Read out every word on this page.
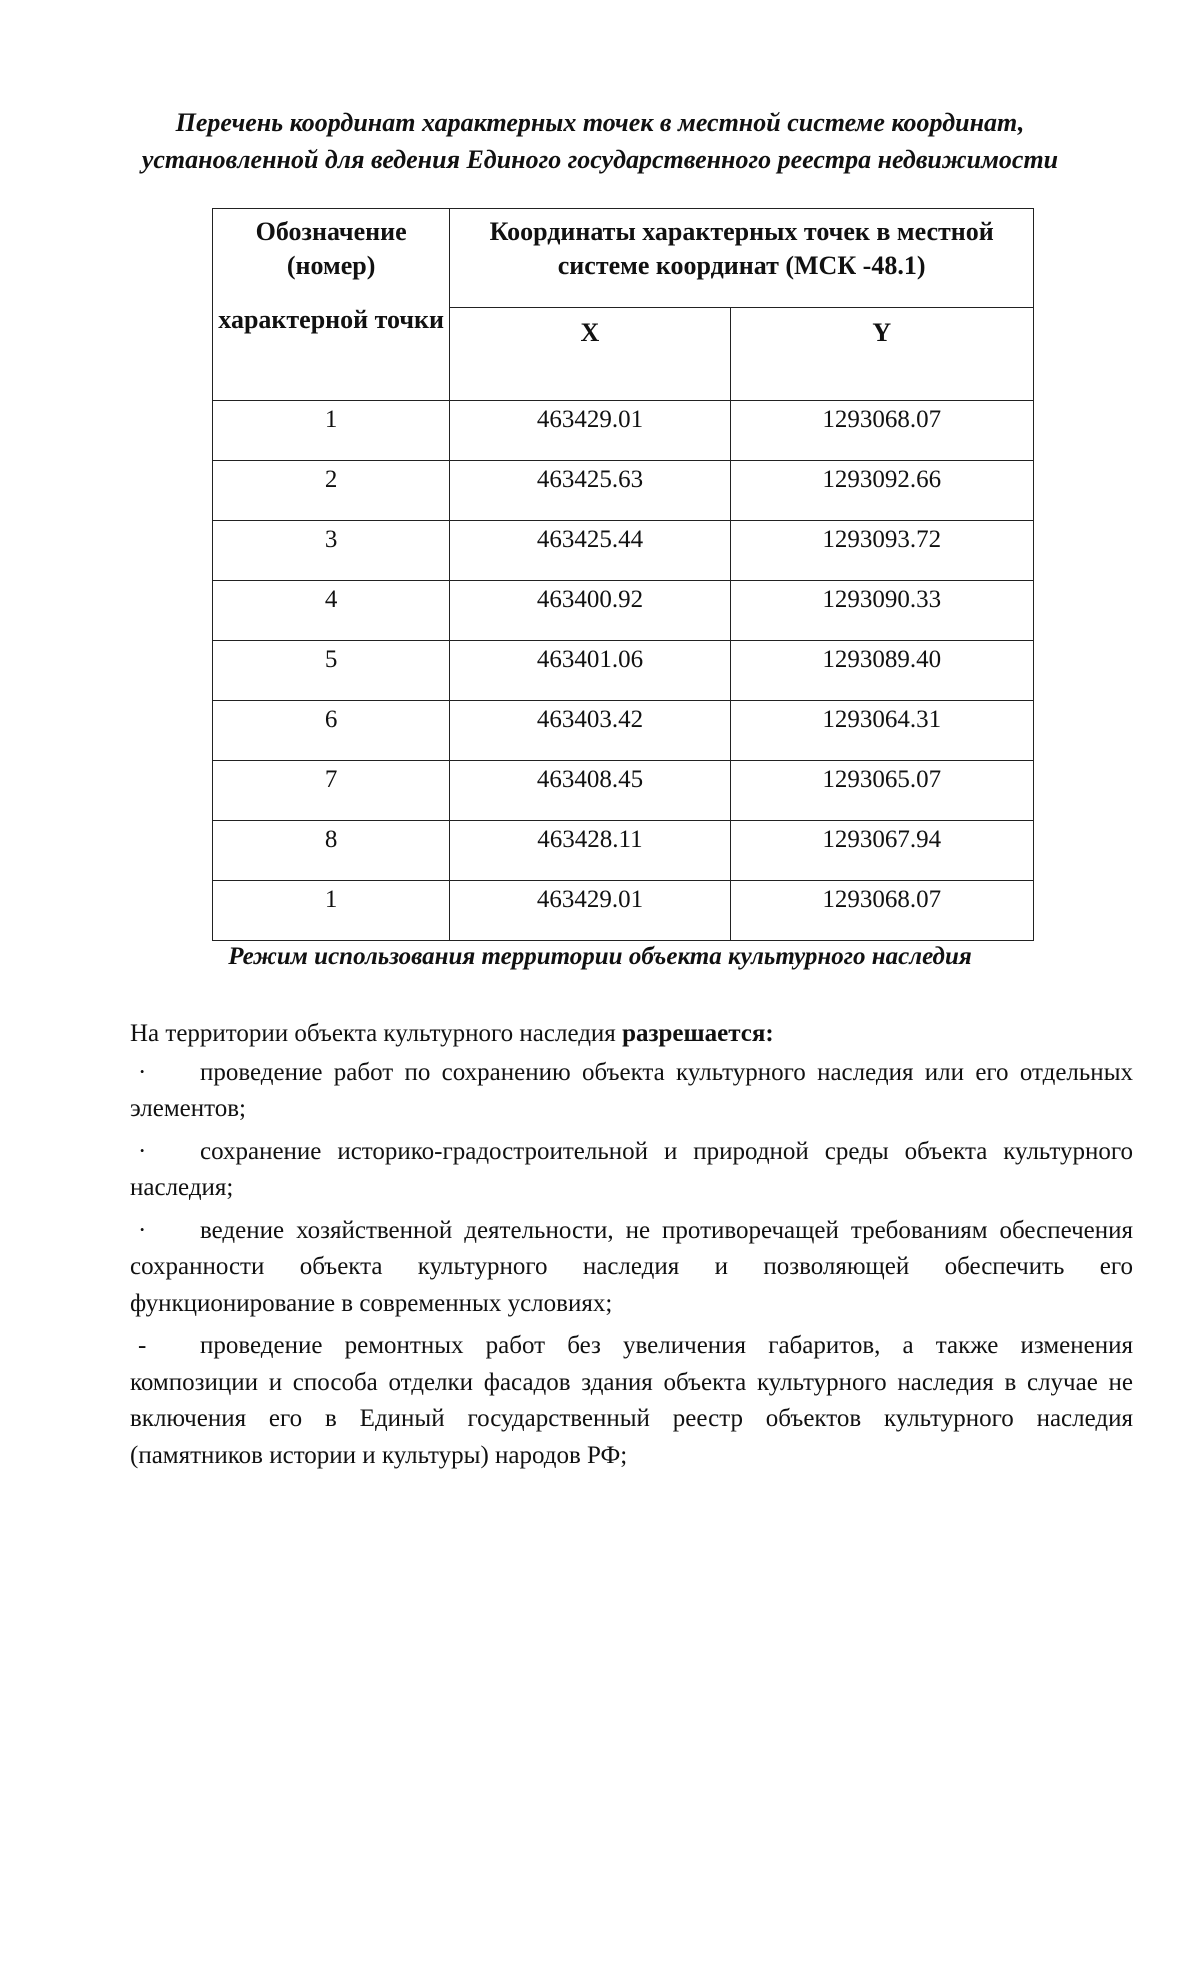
Перечень координат характерных точек в местной системе координат,
установленной для ведения Единого государственного реестра недвижимости
Обозначение (номер)
характерной точки	Координаты характерных точек в местной системе координат (МСК -48.1)	
	X	Y
1	463429.01	1293068.07
2	463425.63	1293092.66
3	463425.44	1293093.72
4	463400.92	1293090.33
5	463401.06	1293089.40
6	463403.42	1293064.31
7	463408.45	1293065.07
8	463428.11	1293067.94
1	463429.01	1293068.07
Режим использования территории объекта культурного наследия

На территории объекта культурного наследия разрешается:

· проведение работ по сохранению объекта культурного наследия или его отдельных элементов;

· сохранение историко-градостроительной и природной среды объекта культурного наследия;

· ведение хозяйственной деятельности, не противоречащей требованиям обеспечения сохранности объекта культурного наследия и позволяющей обеспечить его функционирование в современных условиях;

- проведение ремонтных работ без увеличения габаритов, а также изменения композиции и способа отделки фасадов здания объекта культурного наследия в случае не включения его в Единый государственный реестр объектов культурного наследия (памятников истории и культуры) народов РФ;
